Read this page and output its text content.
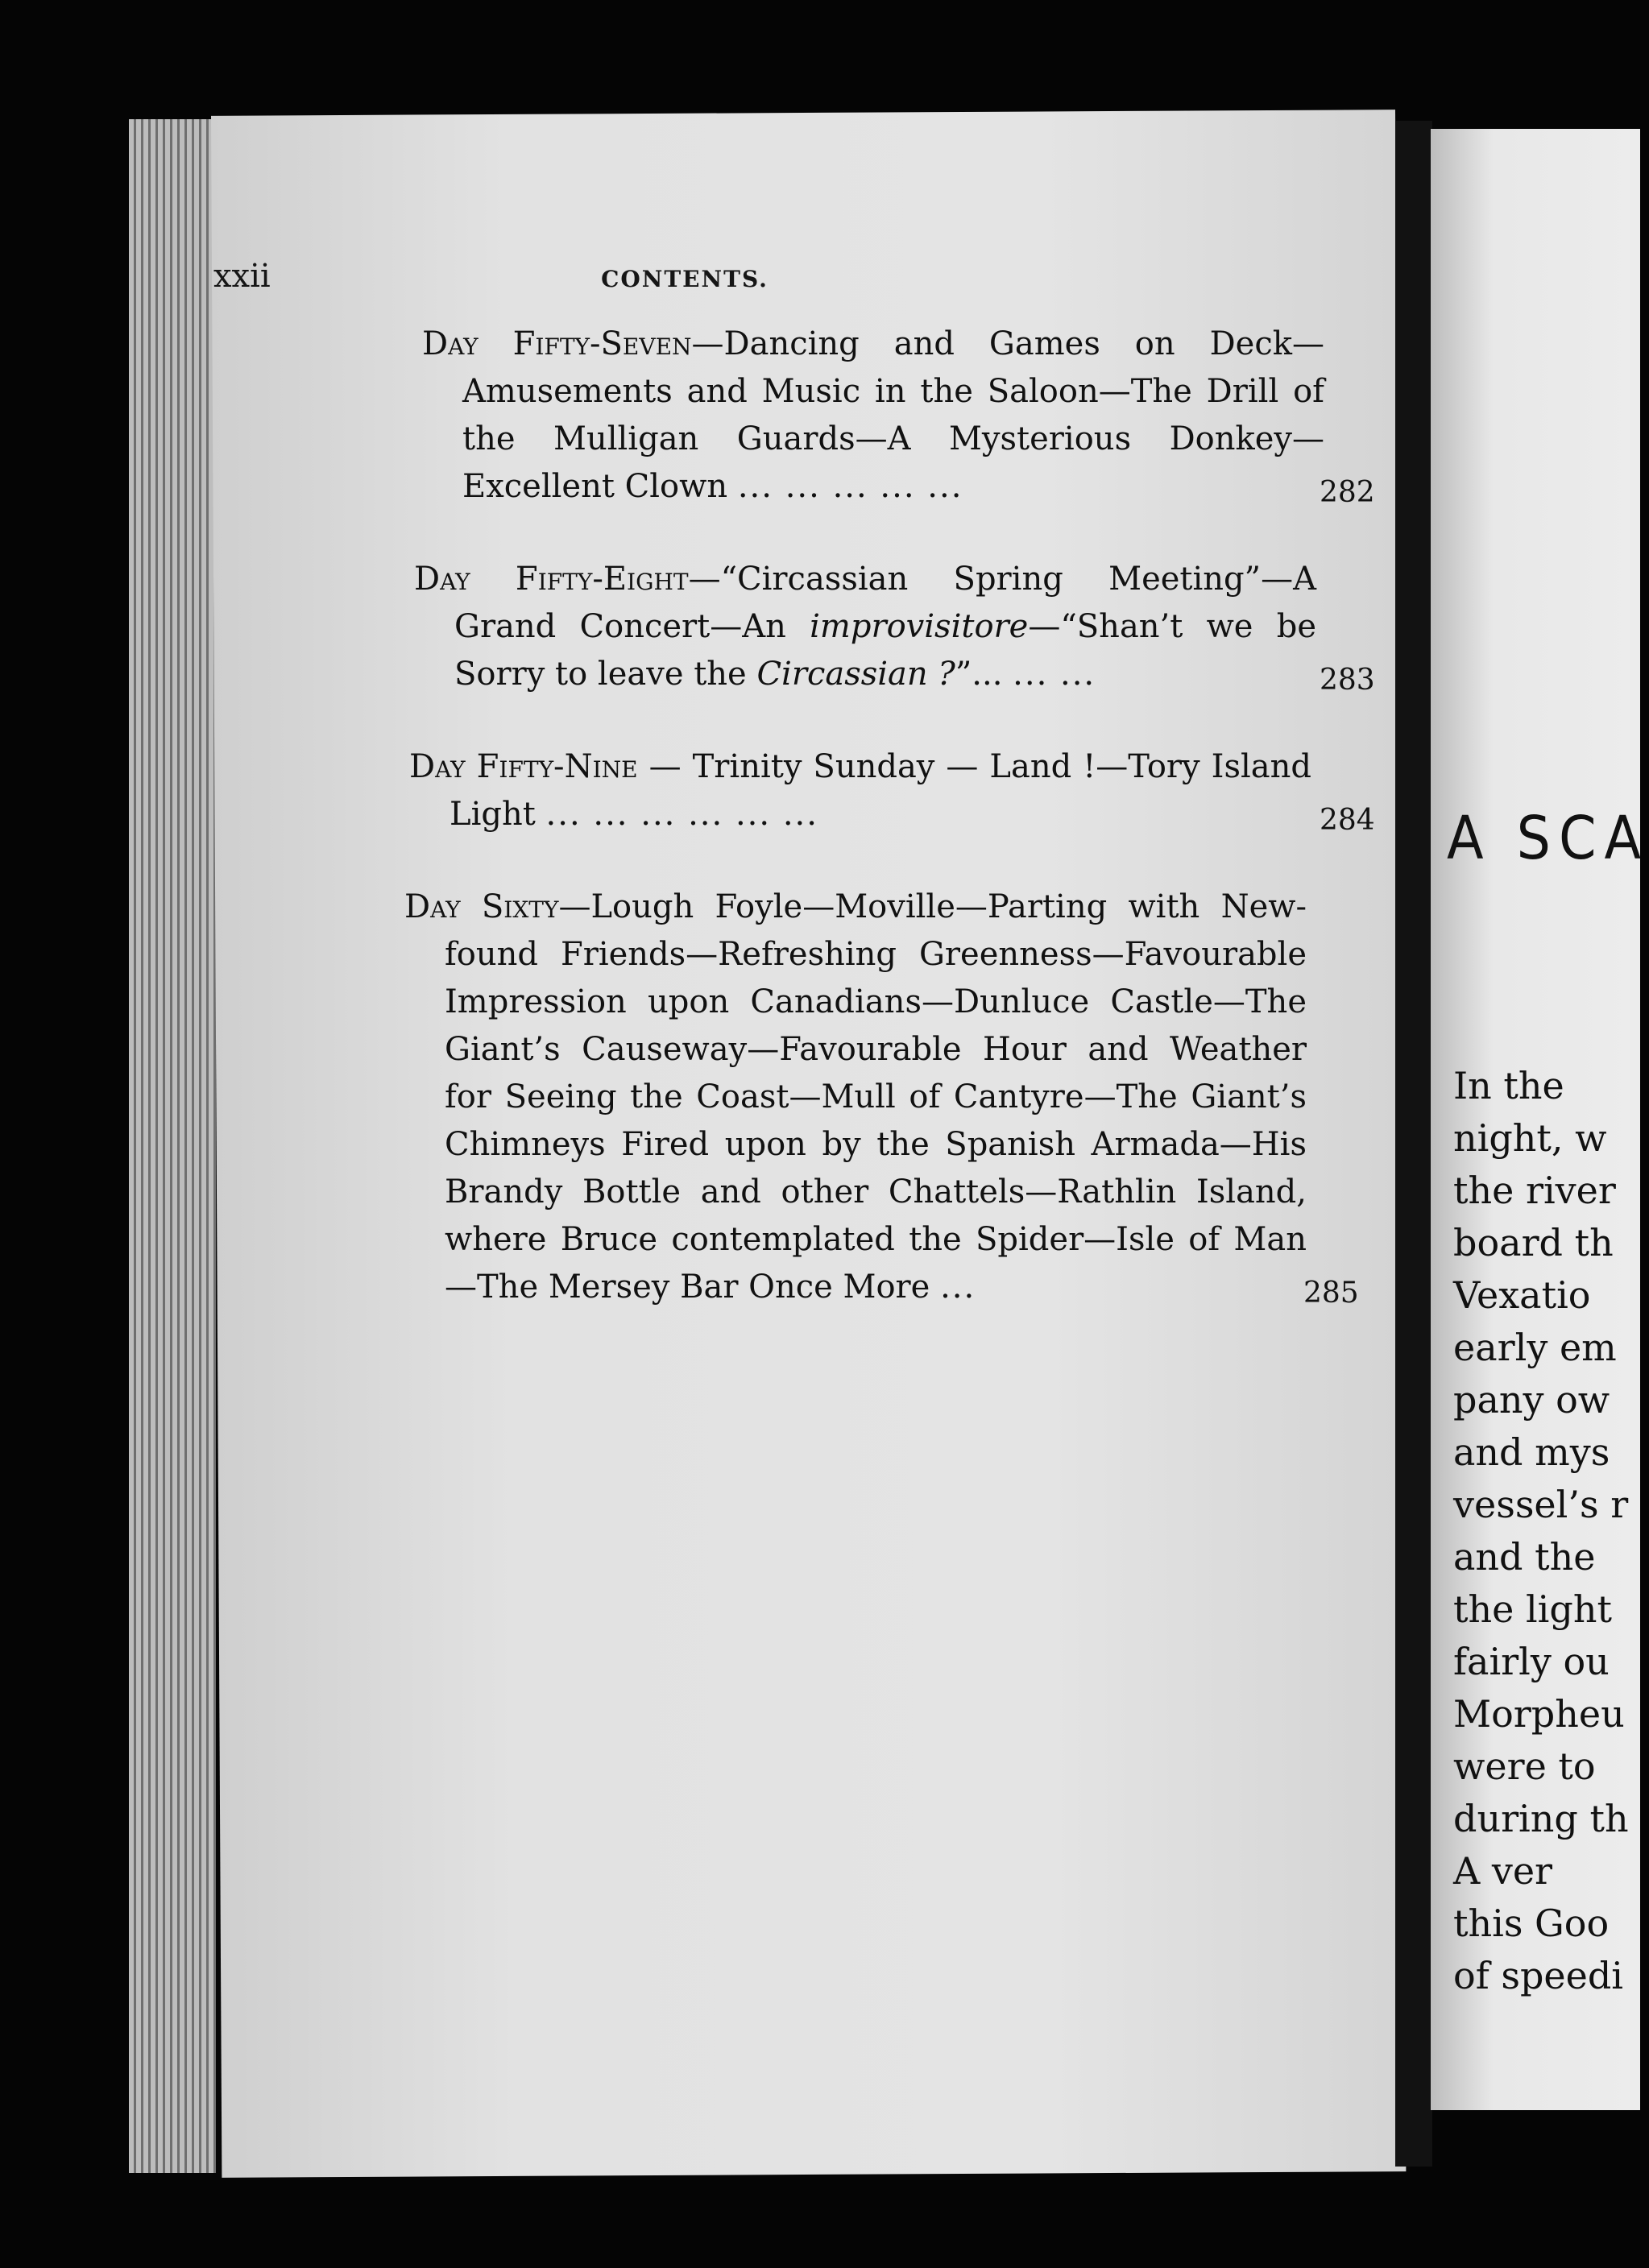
A SCA
In the
night, w
the river
board th
Vexatio
early em
pany ow
and mys
vessel’s r
and the
the light
fairly ou
Morpheu
were to
during th
A ver
this Goo
of speedi
xxii	CONTENTS.
Day Fifty-Seven—Dancing and Games on Deck—Amusements and Music in the Saloon—The Drill of the Mulligan Guards—A Mysterious Donkey—Excellent Clown ... ... ... ... ...	282
Day Fifty-Eight—“Circassian Spring Meeting”—A Grand Concert—An improvisitore—“Shan’t we be Sorry to leave the Circassian ?”... ... ...	283
Day Fifty-Nine — Trinity Sunday — Land !—Tory Island Light ... ... ... ... ... ...	284
Day Sixty—Lough Foyle—Moville—Parting with New-found Friends—Refreshing Greenness—Favourable Impression upon Canadians—Dunluce Castle—The Giant’s Causeway—Favourable Hour and Weather for Seeing the Coast—Mull of Cantyre—The Giant’s Chimneys Fired upon by the Spanish Armada—His Brandy Bottle and other Chattels—Rathlin Island, where Bruce contemplated the Spider—Isle of Man—The Mersey Bar Once More ...	285
